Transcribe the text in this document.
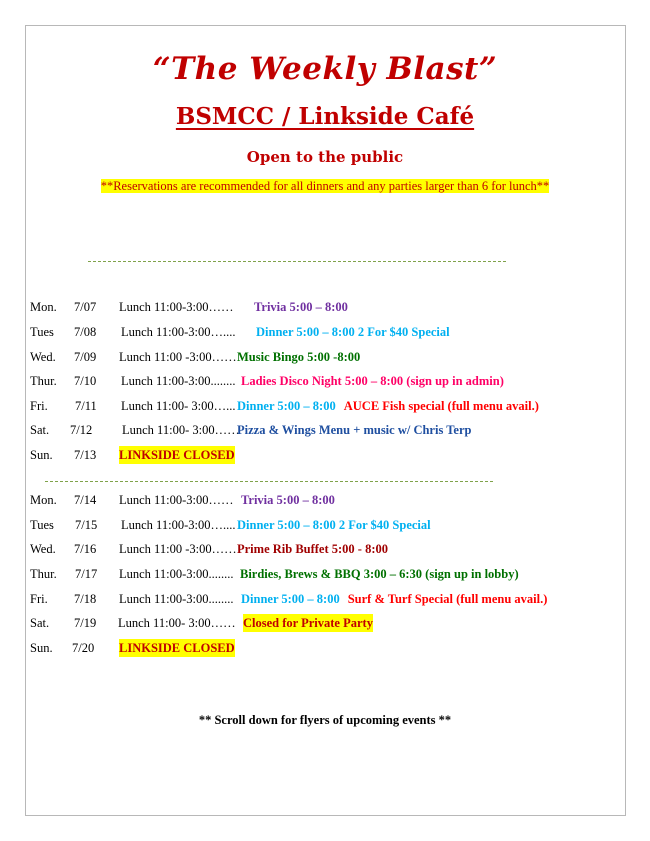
“The Weekly Blast”
BSMCC / Linkside Café
Open to the public
**Reservations are recommended for all dinners and any parties larger than 6 for lunch**
Mon. 7/07 Lunch 11:00-3:00…… Trivia 5:00 – 8:00
Tues 7/08 Lunch 11:00-3:00….... Dinner 5:00 – 8:00 2 For $40 Special
Wed. 7/09 Lunch 11:00 -3:00…… Music Bingo 5:00 -8:00
Thur. 7/10 Lunch 11:00-3:00........ Ladies Disco Night 5:00 – 8:00 (sign up in admin)
Fri. 7/11 Lunch 11:00- 3:00…... Dinner 5:00 – 8:00 AUCE Fish special (full menu avail.)
Sat. 7/12 Lunch 11:00- 3:00……
Pizza & Wings Menu + music w/ Chris Terp
Sun. 7/13 LINKSIDE CLOSED
Mon. 7/14 Lunch 11:00-3:00…… Trivia 5:00 – 8:00
Tues 7/15 Lunch 11:00-3:00….... Dinner 5:00 – 8:00 2 For $40 Special
Wed. 7/16 Lunch 11:00 -3:00…… Prime Rib Buffet 5:00 - 8:00
Thur. 7/17 Lunch 11:00-3:00........ Birdies, Brews & BBQ 3:00 – 6:30 (sign up in lobby)
Fri. 7/18 Lunch 11:00-3:00........ Dinner 5:00 – 8:00 Surf & Turf Special (full menu avail.)
Sat. 7/19 Lunch 11:00- 3:00…… Closed for Private Party
Sun. 7/20 LINKSIDE CLOSED
** Scroll down for flyers of upcoming events **
